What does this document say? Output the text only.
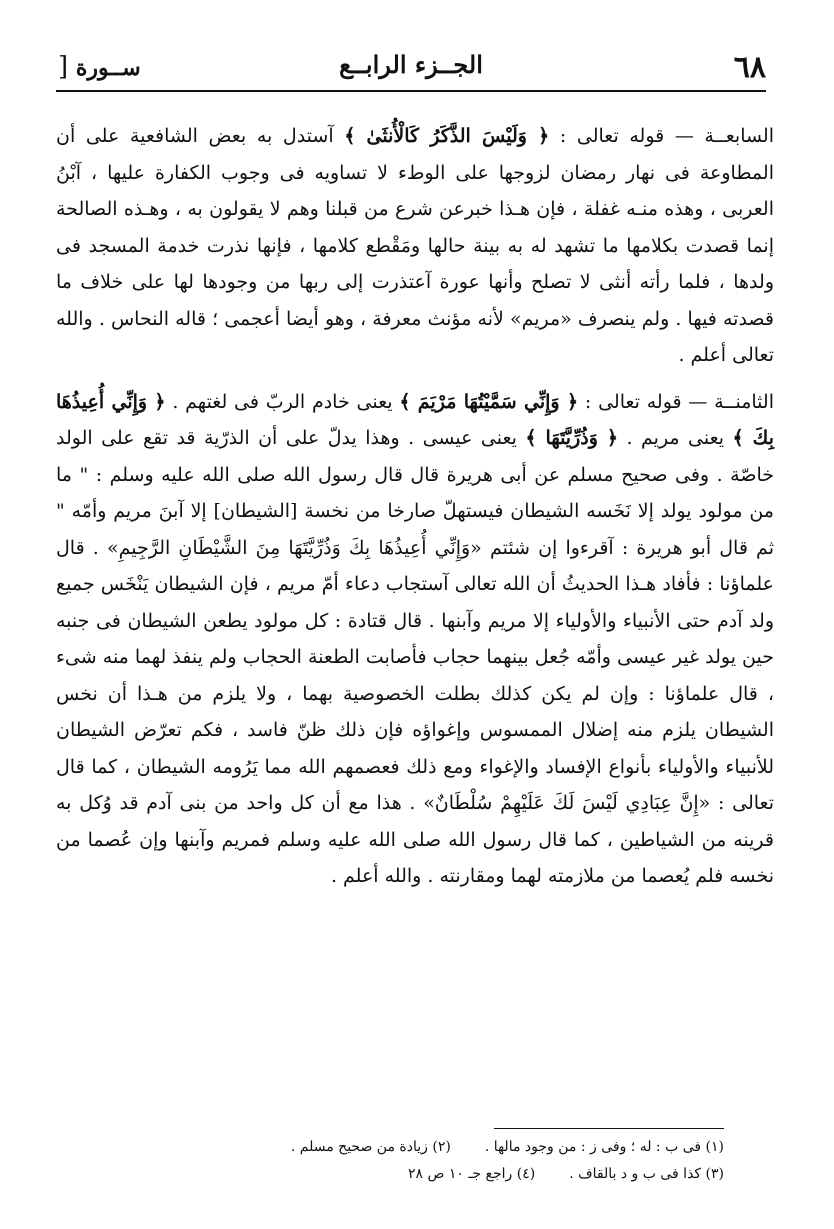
٦٨
الجــزء الرابــع
ســورة [

السابعــة — قوله تعالى : ﴿ وَلَيْسَ الذَّكَرُ كَالْأُنثَىٰ ﴾ آستدل به بعض الشافعية على أن المطاوعة فى نهار رمضان لزوجها على الوطء لا تساويه فى وجوب الكفارة عليها ، آبْنُ العربى ، وهذه منـه غفلة ، فإن هـذا خبرعن شرع من قبلنا وهم لا يقولون به ، وهـذه الصالحة إنما قصدت بكلامها ما تشهد له به بينة حالها ومَقْطع كلامها ، فإنها نذرت خدمة المسجد فى ولدها ، فلما رأته أنثى لا تصلح وأنها عورة آعتذرت إلى ربها من وجودها لها على خلاف ما قصدته فيها . ولم ينصرف «مريم» لأنه مؤنث معرفة ، وهو أيضا أعجمى ؛ قاله النحاس . والله تعالى أعلم .

الثامنــة — قوله تعالى : ﴿ وَإِنِّي سَمَّيْتُهَا مَرْيَمَ ﴾ يعنى خادم الربّ فى لغتهم . ﴿ وَإِنِّي أُعِيذُهَا بِكَ ﴾ يعنى مريم . ﴿ وَذُرِّيَّتَهَا ﴾ يعنى عيسى . وهذا يدلّ على أن الذرّية قد تقع على الولد خاصّة . وفى صحيح مسلم عن أبى هريرة قال قال رسول الله صلى الله عليه وسلم : " ما من مولود يولد إلا نَخَسه الشيطان فيستهلّ صارخا من نخسة [الشيطان] إلا آبنَ مريم وأمّه " ثم قال أبو هريرة : آقرءوا إن شئتم «وَإِنِّي أُعِيذُهَا بِكَ وَذُرِّيَّتَهَا مِنَ الشَّيْطَانِ الرَّجِيمِ» . قال علماؤنا : فأفاد هـذا الحديثُ أن الله تعالى آستجاب دعاء أمّ مريم ، فإن الشيطان يَنْخَس جميع ولد آدم حتى الأنبياء والأولياء إلا مريم وآبنها . قال قتادة : كل مولود يطعن الشيطان فى جنبه حين يولد غير عيسى وأمّه جُعل بينهما حجاب فأصابت الطعنة الحجاب ولم ينفذ لهما منه شىء ، قال علماؤنا : وإن لم يكن كذلك بطلت الخصوصية بهما ، ولا يلزم من هـذا أن نخس الشيطان يلزم منه إضلال الممسوس وإغواؤه فإن ذلك ظنّ فاسد ، فكم تعرّض الشيطان للأنبياء والأولياء بأنواع الإفساد والإغواء ومع ذلك فعصمهم الله مما يَرُومه الشيطان ، كما قال تعالى : «إِنَّ عِبَادِي لَيْسَ لَكَ عَلَيْهِمْ سُلْطَانٌ» . هذا مع أن كل واحد من بنى آدم قد وُكل به قرينه من الشياطين ، كما قال رسول الله صلى الله عليه وسلم فمريم وآبنها وإن عُصما من نخسه فلم يُعصما من ملازمته لهما ومقارنته . والله أعلم .

(١) فى ب : له ؛ وفى ز : من وجود مالها .
(٢) زيادة من صحيح مسلم .
(٣) كذا فى ب و د بالقاف .
(٤) راجع جـ ١٠ ص ٢٨
